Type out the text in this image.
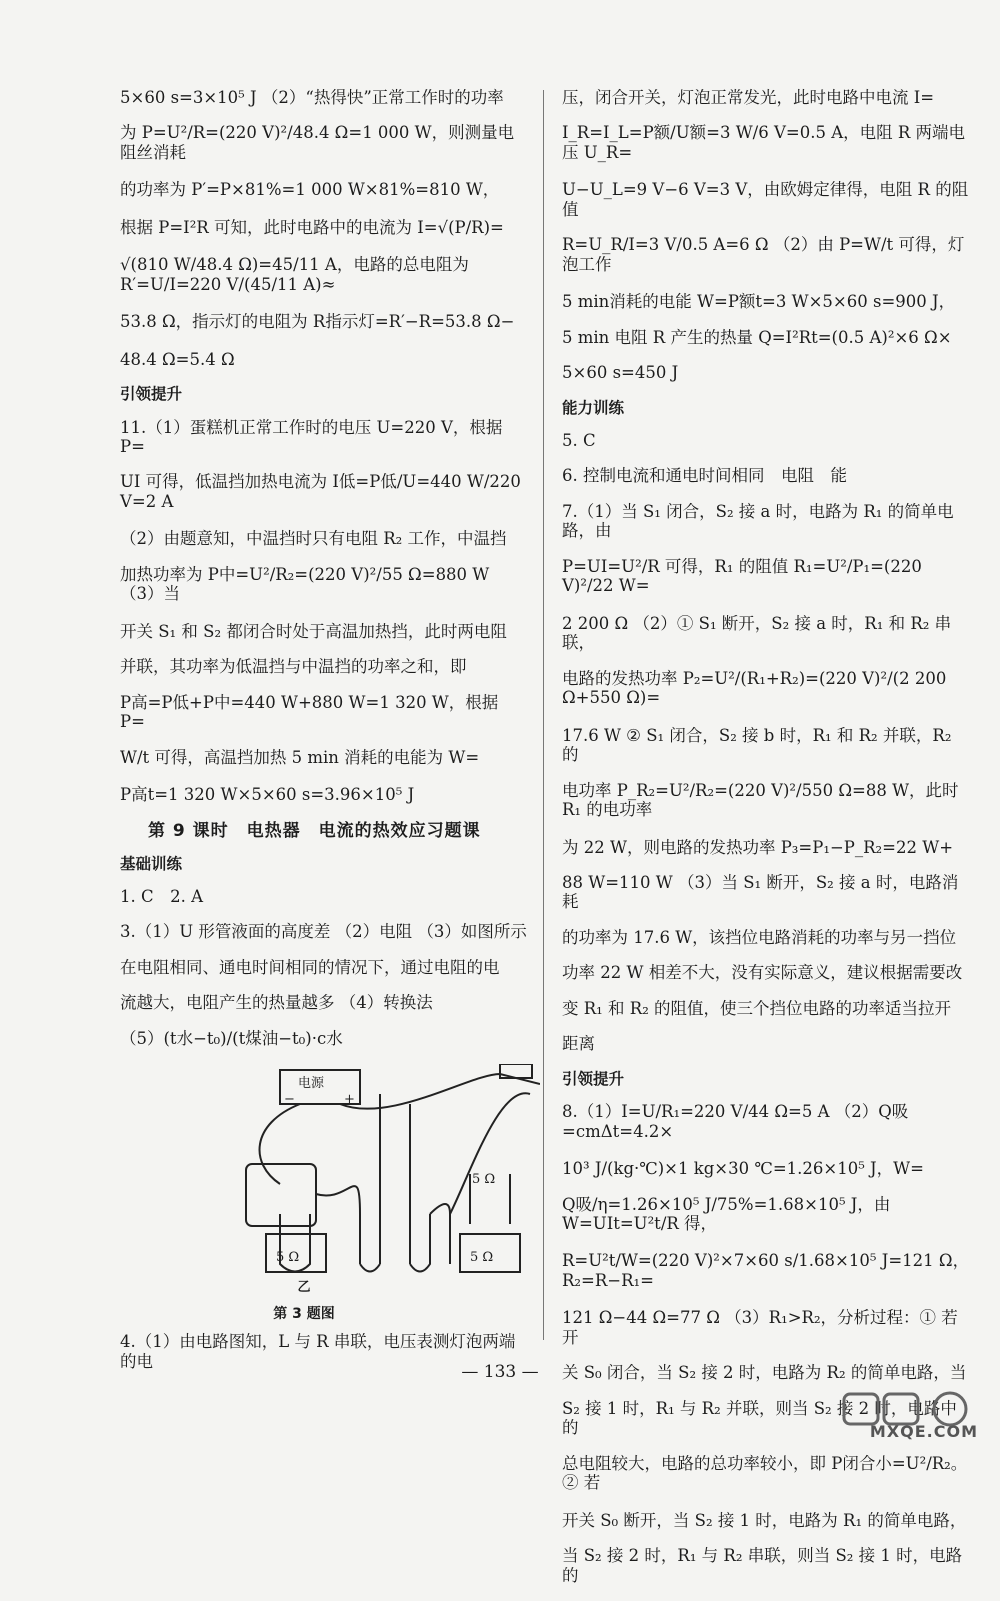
5×60 s=3×10⁵ J （2）“热得快”正常工作时的功率
为 P=U²/R=(220 V)²/48.4 Ω=1 000 W，则测量电阻丝消耗
的功率为 P′=P×81%=1 000 W×81%=810 W，
根据 P=I²R 可知，此时电路中的电流为 I=√(P/R)=
√(810 W/48.4 Ω)=45/11 A，电路的总电阻为 R′=U/I=220 V/(45/11 A)≈
53.8 Ω，指示灯的电阻为 R指示灯=R′−R=53.8 Ω−
48.4 Ω=5.4 Ω
引领提升
11.（1）蛋糕机正常工作时的电压 U=220 V，根据 P=
UI 可得，低温挡加热电流为 I低=P低/U=440 W/220 V=2 A
（2）由题意知，中温挡时只有电阻 R₂ 工作，中温挡
加热功率为 P中=U²/R₂=(220 V)²/55 Ω=880 W （3）当
开关 S₁ 和 S₂ 都闭合时处于高温加热挡，此时两电阻
并联，其功率为低温挡与中温挡的功率之和，即
P高=P低+P中=440 W+880 W=1 320 W，根据 P=
W/t 可得，高温挡加热 5 min 消耗的电能为 W=
P高t=1 320 W×5×60 s=3.96×10⁵ J
第 9 课时　电热器　电流的热效应习题课
基础训练
1. C　2. A
3.（1）U 形管液面的高度差 （2）电阻 （3）如图所示
在电阻相同、通电时间相同的情况下，通过电阻的电
流越大，电阻产生的热量越多 （4）转换法
（5）(t水−t₀)/(t煤油−t₀)·c水
电源
−	+
5 Ω	5 Ω
5 Ω
乙
第 3 题图
4.（1）由电路图知，L 与 R 串联，电压表测灯泡两端的电
压，闭合开关，灯泡正常发光，此时电路中电流 I=
I_R=I_L=P额/U额=3 W/6 V=0.5 A，电阻 R 两端电压 U_R=
U−U_L=9 V−6 V=3 V，由欧姆定律得，电阻 R 的阻值
R=U_R/I=3 V/0.5 A=6 Ω （2）由 P=W/t 可得，灯泡工作
5 min消耗的电能 W=P额t=3 W×5×60 s=900 J，
5 min 电阻 R 产生的热量 Q=I²Rt=(0.5 A)²×6 Ω×
5×60 s=450 J
能力训练
5. C
6. 控制电流和通电时间相同　电阻　能
7.（1）当 S₁ 闭合，S₂ 接 a 时，电路为 R₁ 的简单电路，由
P=UI=U²/R 可得，R₁ 的阻值 R₁=U²/P₁=(220 V)²/22 W=
2 200 Ω （2）① S₁ 断开，S₂ 接 a 时，R₁ 和 R₂ 串联，
电路的发热功率 P₂=U²/(R₁+R₂)=(220 V)²/(2 200 Ω+550 Ω)=
17.6 W ② S₁ 闭合，S₂ 接 b 时，R₁ 和 R₂ 并联，R₂ 的
电功率 P_R₂=U²/R₂=(220 V)²/550 Ω=88 W，此时 R₁ 的电功率
为 22 W，则电路的发热功率 P₃=P₁−P_R₂=22 W+
88 W=110 W （3）当 S₁ 断开，S₂ 接 a 时，电路消耗
的功率为 17.6 W，该挡位电路消耗的功率与另一挡位
功率 22 W 相差不大，没有实际意义，建议根据需要改
变 R₁ 和 R₂ 的阻值，使三个挡位电路的功率适当拉开
距离
引领提升
8.（1）I=U/R₁=220 V/44 Ω=5 A （2）Q吸=cmΔt=4.2×
10³ J/(kg·℃)×1 kg×30 ℃=1.26×10⁵ J，W=
Q吸/η=1.26×10⁵ J/75%=1.68×10⁵ J，由 W=UIt=U²t/R 得，
R=U²t/W=(220 V)²×7×60 s/1.68×10⁵ J=121 Ω，R₂=R−R₁=
121 Ω−44 Ω=77 Ω （3）R₁>R₂，分析过程：① 若开
关 S₀ 闭合，当 S₂ 接 2 时，电路为 R₂ 的简单电路，当
S₂ 接 1 时，R₁ 与 R₂ 并联，则当 S₂ 接 2 时，电路中的
总电阻较大，电路的总功率较小，即 P闭合小=U²/R₂。② 若
开关 S₀ 断开，当 S₂ 接 1 时，电路为 R₁ 的简单电路，
当 S₂ 接 2 时，R₁ 与 R₂ 串联，则当 S₂ 接 1 时，电路的
— 133 —
MXQE.COM
